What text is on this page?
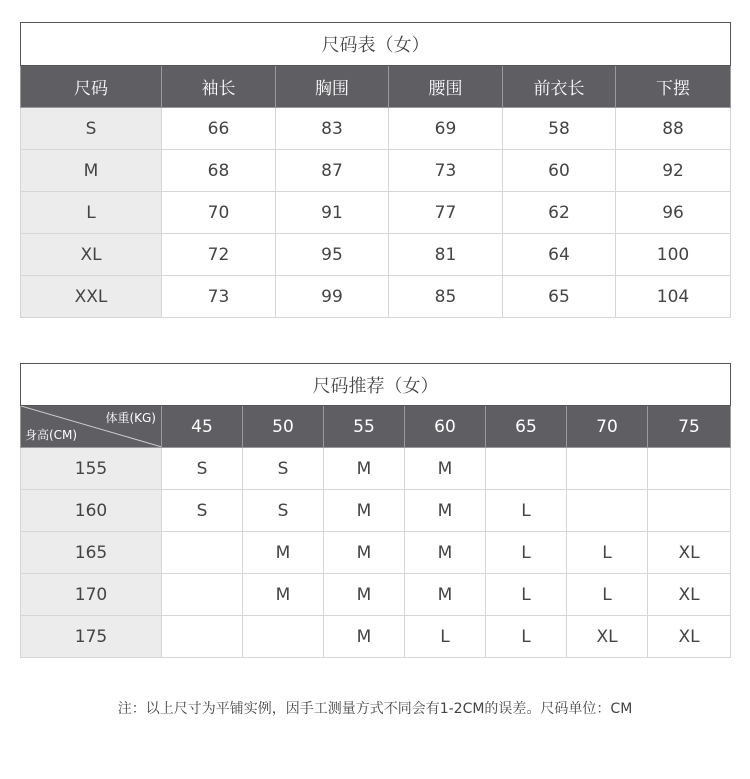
尺码表（女）					
尺码	袖长	胸围	腰围	前衣长	下摆
S	66	83	69	58	88
M	68	87	73	60	92
L	70	91	77	62	96
XL	72	95	81	64	100
XXL	73	99	85	65	104
尺码推荐（女）							

体重(KG)
身高(CM)	45	50	55	60	65	70	75
155	S	S	M	M			
160	S	S	M	M	L		
165		M	M	M	L	L	XL
170		M	M	M	L	L	XL
175			M	L	L	XL	XL
注：以上尺寸为平铺实例，因手工测量方式不同会有1-2CM的误差。尺码单位：CM
